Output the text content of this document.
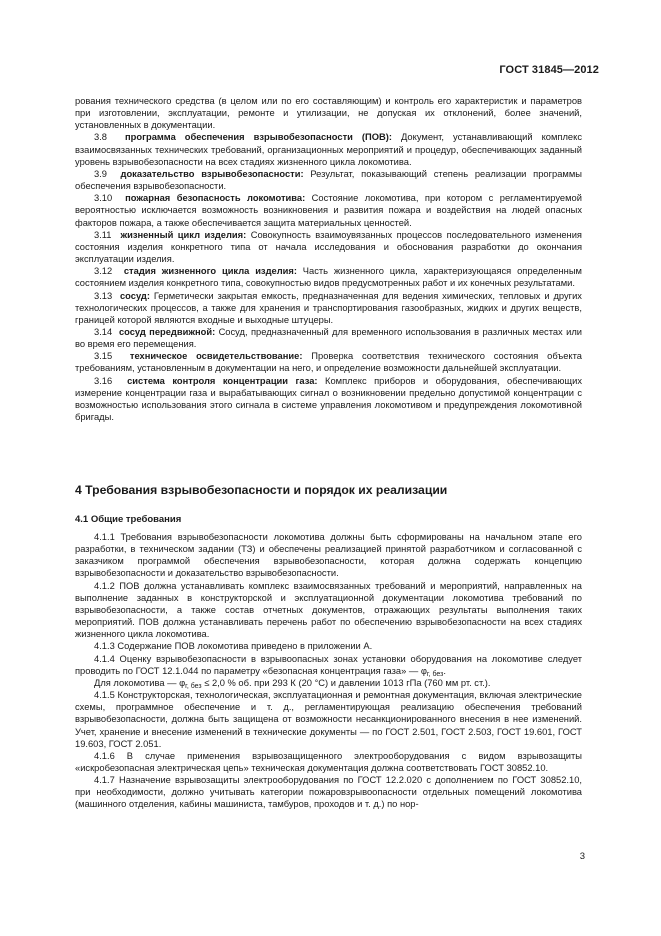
ГОСТ 31845—2012

рования технического средства (в целом или по его составляющим) и контроль его характеристик и параметров при изготовлении, эксплуатации, ремонте и утилизации, не допуская их отклонений, более значений, установленных в документации.

3.8 программа обеспечения взрывобезопасности (ПОВ): Документ, устанавливающий комплекс взаимосвязанных технических требований, организационных мероприятий и процедур, обеспечивающих заданный уровень взрывобезопасности на всех стадиях жизненного цикла локомотива.

3.9 доказательство взрывобезопасности: Результат, показывающий степень реализации программы обеспечения взрывобезопасности.

3.10 пожарная безопасность локомотива: Состояние локомотива, при котором с регламентируемой вероятностью исключается возможность возникновения и развития пожара и воздействия на людей опасных факторов пожара, а также обеспечивается защита материальных ценностей.

3.11 жизненный цикл изделия: Совокупность взаимоувязанных процессов последовательного изменения состояния изделия конкретного типа от начала исследования и обоснования разработки до окончания эксплуатации изделия.

3.12 стадия жизненного цикла изделия: Часть жизненного цикла, характеризующаяся определенным состоянием изделия конкретного типа, совокупностью видов предусмотренных работ и их конечных результатами.

3.13 сосуд: Герметически закрытая емкость, предназначенная для ведения химических, тепловых и других технологических процессов, а также для хранения и транспортирования газообразных, жидких и других веществ, границей которой являются входные и выходные штуцеры.

3.14 сосуд передвижной: Сосуд, предназначенный для временного использования в различных местах или во время его перемещения.

3.15 техническое освидетельствование: Проверка соответствия технического состояния объекта требованиям, установленным в документации на него, и определение возможности дальнейшей эксплуатации.

3.16 система контроля концентрации газа: Комплекс приборов и оборудования, обеспечивающих измерение концентрации газа и вырабатывающих сигнал о возникновении предельно допустимой концентрации с возможностью использования этого сигнала в системе управления локомотивом и предупреждения локомотивной бригады.

4 Требования взрывобезопасности и порядок их реализации
4.1 Общие требования

4.1.1 Требования взрывобезопасности локомотива должны быть сформированы на начальном этапе его разработки, в техническом задании (ТЗ) и обеспечены реализацией принятой разработчиком и согласованной с заказчиком программой обеспечения взрывобезопасности, которая должна содержать концепцию взрывобезопасности и доказательство взрывобезопасности.

4.1.2 ПОВ должна устанавливать комплекс взаимосвязанных требований и мероприятий, направленных на выполнение заданных в конструкторской и эксплуатационной документации локомотива требований по взрывобезопасности, а также состав отчетных документов, отражающих результаты выполнения таких мероприятий. ПОВ должна устанавливать перечень работ по обеспечению взрывобезопасности на всех стадиях жизненного цикла локомотива.

4.1.3 Содержание ПОВ локомотива приведено в приложении А.

4.1.4 Оценку взрывобезопасности в взрывоопасных зонах установки оборудования на локомотиве следует проводить по ГОСТ 12.1.044 по параметру «безопасная концентрация газа» — $\varphi_{г, без}$.

Для локомотива — $\varphi_{г, без} \le 2,0$ % об. при 293 К (20 °С) и давлении 1013 гПа (760 мм рт. ст.).

4.1.5 Конструкторская, технологическая, эксплуатационная и ремонтная документация, включая электрические схемы, программное обеспечение и т. д., регламентирующая реализацию обеспечения требований взрывобезопасности, должна быть защищена от возможности несанкционированного внесения в нее изменений. Учет, хранение и внесение изменений в технические документы — по ГОСТ 2.501, ГОСТ 2.503, ГОСТ 19.601, ГОСТ 19.603, ГОСТ 2.051.

4.1.6 В случае применения взрывозащищенного электрооборудования с видом взрывозащиты «искробезопасная электрическая цепь» техническая документация должна соответствовать ГОСТ 30852.10.

4.1.7 Назначение взрывозащиты электрооборудования по ГОСТ 12.2.020 с дополнением по ГОСТ 30852.10, при необходимости, должно учитывать категории пожаровзрывоопасности отдельных помещений локомотива (машинного отделения, кабины машиниста, тамбуров, проходов и т. д.) по нор-

3
